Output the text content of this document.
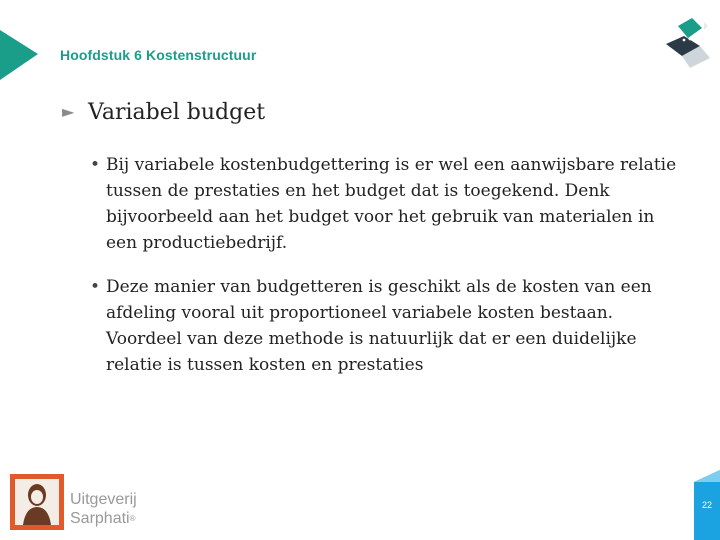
Hoofdstuk 6 Kostenstructuur
► Variabel budget
• Bij variabele kostenbudgettering is er wel een aanwijsbare relatie tussen de prestaties en het budget dat is toegekend. Denk bijvoorbeeld aan het budget voor het gebruik van materialen in een productiebedrijf.
• Deze manier van budgetteren is geschikt als de kosten van een afdeling vooral uit proportioneel variabele kosten bestaan. Voordeel van deze methode is natuurlijk dat er een duidelijke relatie is tussen kosten en prestaties
Uitgeverij
Sarphati®
22
